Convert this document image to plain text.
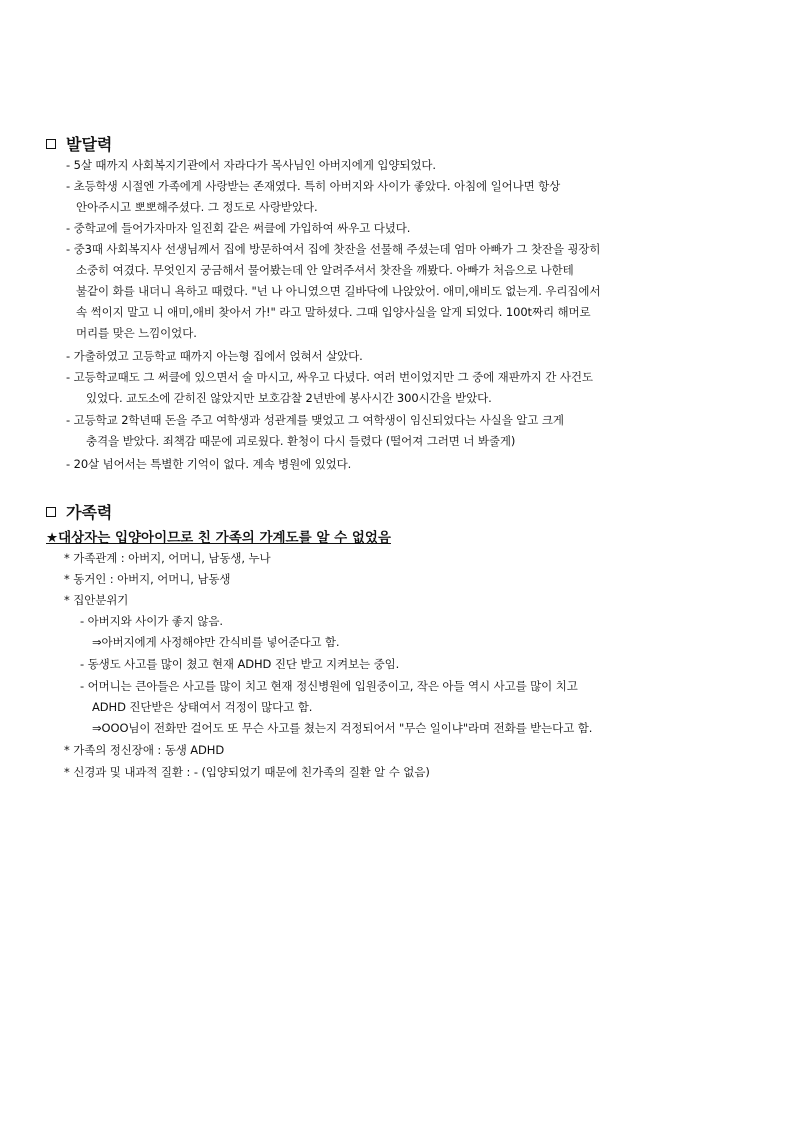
발달력
- 5살 때까지 사회복지기관에서 자라다가 목사님인 아버지에게 입양되었다.
- 초등학생 시절엔 가족에게 사랑받는 존재였다. 특히 아버지와 사이가 좋았다. 아침에 일어나면 항상
안아주시고 뽀뽀해주셨다. 그 정도로 사랑받았다.
- 중학교에 들어가자마자 일진회 같은 써클에 가입하여 싸우고 다녔다.
- 중3때 사회복지사 선생님께서 집에 방문하여서 집에 찻잔을 선물해 주셨는데 엄마 아빠가 그 찻잔을 굉장히
소중히 여겼다. 무엇인지 궁금해서 물어봤는데 안 알려주셔서 찻잔을 깨봤다. 아빠가 처음으로 나한테
불같이 화를 내더니 욕하고 때렸다. "넌 나 아니였으면 길바닥에 나앉았어. 애미,애비도 없는게. 우리집에서
속 썩이지 말고 니 애미,애비 찾아서 가!" 라고 말하셨다. 그때 입양사실을 알게 되었다. 100t짜리 해머로
머리를 맞은 느낌이었다.
- 가출하였고 고등학교 때까지 아는형 집에서 얹혀서 살았다.
- 고등학교때도 그 써클에 있으면서 술 마시고, 싸우고 다녔다. 여러 번이었지만 그 중에 재판까지 간 사건도
있었다. 교도소에 갇히진 않았지만 보호감찰 2년반에 봉사시간 300시간을 받았다.
- 고등학교 2학년때 돈을 주고 여학생과 성관계를 맺었고 그 여학생이 임신되었다는 사실을 알고 크게
충격을 받았다. 죄책감 때문에 괴로웠다. 환청이 다시 들렸다 (떨어져 그러면 너 봐줄게)
- 20살 넘어서는 특별한 기억이 없다. 계속 병원에 있었다.
가족력
★대상자는 입양아이므로 친 가족의 가계도를 알 수 없었음
* 가족관계 : 아버지, 어머니, 남동생, 누나
* 동거인 : 아버지, 어머니, 남동생
* 집안분위기
- 아버지와 사이가 좋지 않음.
⇒아버지에게 사정해야만 간식비를 넣어준다고 함.
- 동생도 사고를 많이 쳤고 현재 ADHD 진단 받고 지켜보는 중임.
- 어머니는 큰아들은 사고를 많이 치고 현재 정신병원에 입원중이고, 작은 아들 역시 사고를 많이 치고
ADHD 진단받은 상태여서 걱정이 많다고 함.
⇒OOO님이 전화만 걸어도 또 무슨 사고를 쳤는지 걱정되어서 "무슨 일이냐"라며 전화를 받는다고 함.
* 가족의 정신장애 : 동생 ADHD
* 신경과 및 내과적 질환 : - (입양되었기 때문에 친가족의 질환 알 수 없음)
